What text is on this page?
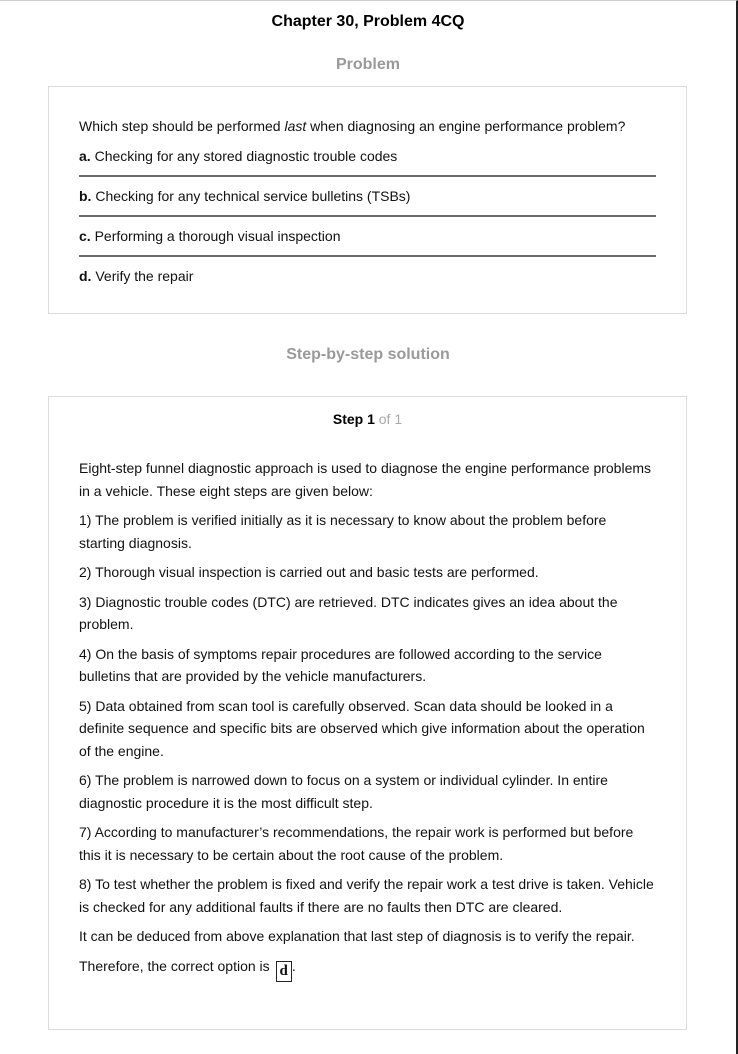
Chapter 30, Problem 4CQ
Problem
Which step should be performed last when diagnosing an engine performance problem?
a. Checking for any stored diagnostic trouble codes
b. Checking for any technical service bulletins (TSBs)
c. Performing a thorough visual inspection
d. Verify the repair
Step-by-step solution
Step 1 of 1

Eight-step funnel diagnostic approach is used to diagnose the engine performance problems in a vehicle. These eight steps are given below:

1) The problem is verified initially as it is necessary to know about the problem before starting diagnosis.

2) Thorough visual inspection is carried out and basic tests are performed.

3) Diagnostic trouble codes (DTC) are retrieved. DTC indicates gives an idea about the problem.

4) On the basis of symptoms repair procedures are followed according to the service bulletins that are provided by the vehicle manufacturers.

5) Data obtained from scan tool is carefully observed. Scan data should be looked in a definite sequence and specific bits are observed which give information about the operation of the engine.

6) The problem is narrowed down to focus on a system or individual cylinder. In entire diagnostic procedure it is the most difficult step.

7) According to manufacturer’s recommendations, the repair work is performed but before this it is necessary to be certain about the root cause of the problem.

8) To test whether the problem is fixed and verify the repair work a test drive is taken. Vehicle is checked for any additional faults if there are no faults then DTC are cleared.

It can be deduced from above explanation that last step of diagnosis is to verify the repair.

Therefore, the correct option is d .
